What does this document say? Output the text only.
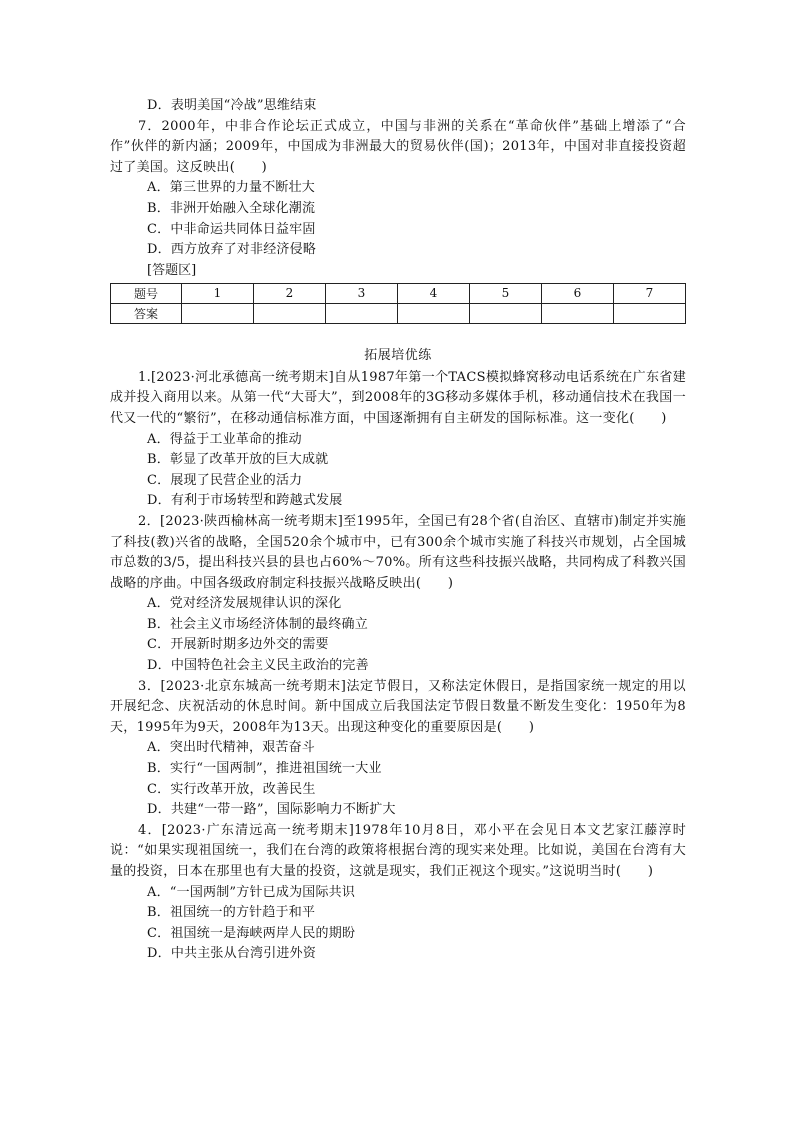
D．表明美国“冷战”思维结束
7．2000年，中非合作论坛正式成立，中国与非洲的关系在“革命伙伴”基础上增添了“合作”伙伴的新内涵；2009年，中国成为非洲最大的贸易伙伴(国)；2013年，中国对非直接投资超过了美国。这反映出(　　)
A．第三世界的力量不断壮大
B．非洲开始融入全球化潮流
C．中非命运共同体日益牢固
D．西方放弃了对非经济侵略
[答题区]
题号	1	2	3	4	5	6	7
答案							
拓展培优练
1.[2023·河北承德高一统考期末]自从1987年第一个TACS模拟蜂窝移动电话系统在广东省建成并投入商用以来。从第一代“大哥大”，到2008年的3G移动多媒体手机，移动通信技术在我国一代又一代的“繁衍”，在移动通信标准方面，中国逐渐拥有自主研发的国际标准。这一变化(　　)
A．得益于工业革命的推动
B．彰显了改革开放的巨大成就
C．展现了民营企业的活力
D．有利于市场转型和跨越式发展
2．[2023·陕西榆林高一统考期末]至1995年，全国已有28个省(自治区、直辖市)制定并实施了科技(教)兴省的战略，全国520余个城市中，已有300余个城市实施了科技兴市规划，占全国城市总数的3/5，提出科技兴县的县也占60%～70%。所有这些科技振兴战略，共同构成了科教兴国战略的序曲。中国各级政府制定科技振兴战略反映出(　　)
A．党对经济发展规律认识的深化
B．社会主义市场经济体制的最终确立
C．开展新时期多边外交的需要
D．中国特色社会主义民主政治的完善
3．[2023·北京东城高一统考期末]法定节假日，又称法定休假日，是指国家统一规定的用以开展纪念、庆祝活动的休息时间。新中国成立后我国法定节假日数量不断发生变化：1950年为8天，1995年为9天，2008年为13天。出现这种变化的重要原因是(　　)
A．突出时代精神，艰苦奋斗
B．实行“一国两制”，推进祖国统一大业
C．实行改革开放，改善民生
D．共建“一带一路”，国际影响力不断扩大
4．[2023·广东清远高一统考期末]1978年10月8日，邓小平在会见日本文艺家江藤淳时说：“如果实现祖国统一，我们在台湾的政策将根据台湾的现实来处理。比如说，美国在台湾有大量的投资，日本在那里也有大量的投资，这就是现实，我们正视这个现实。”这说明当时(　　)
A．“一国两制”方针已成为国际共识
B．祖国统一的方针趋于和平
C．祖国统一是海峡两岸人民的期盼
D．中共主张从台湾引进外资
